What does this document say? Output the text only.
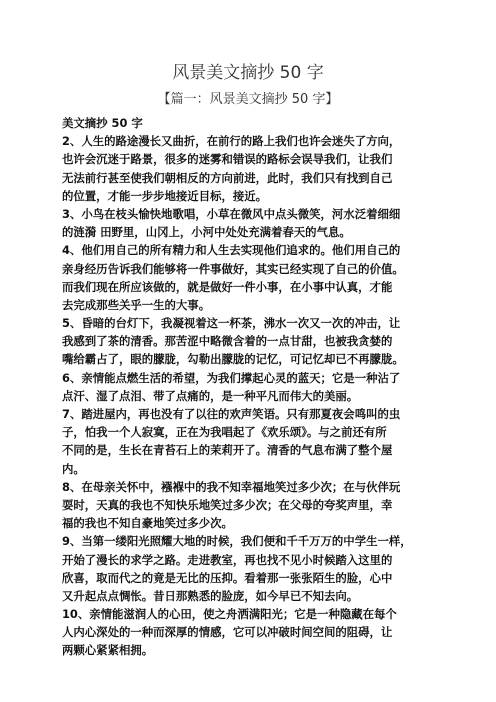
风景美文摘抄 50 字
【篇一：风景美文摘抄 50 字】
美文摘抄 50 字
2、人生的路途漫长又曲折，在前行的路上我们也许会迷失了方向，
也许会沉迷于路景，很多的迷雾和错误的路标会误导我们，让我们
无法前行甚至使我们朝相反的方向前进，此时，我们只有找到自己
的位置，才能一步步地接近目标，接近。
3、小鸟在枝头愉快地歌唱，小草在微风中点头微笑，河水泛着细细
的涟漪 田野里，山冈上，小河中处处充满着春天的气息。
4、他们用自己的所有精力和人生去实现他们追求的。他们用自己的
亲身经历告诉我们能够将一件事做好，其实已经实现了自己的价值。
而我们现在所应该做的，就是做好一件小事，在小事中认真，才能
去完成那些关乎一生的大事。
5、昏暗的台灯下，我凝视着这一杯茶，沸水一次又一次的冲击，让
我感到了茶的清香。那苦涩中略微含着的一点甘甜，也被我贪婪的
嘴给霸占了，眼的朦胧，勾勒出朦胧的记忆，可记忆却已不再朦胧。
6、亲情能点燃生活的希望，为我们撑起心灵的蓝天；它是一种沾了
点汗、湿了点泪、带了点痛的，是一种平凡而伟大的美丽。
7、踏进屋内，再也没有了以往的欢声笑语。只有那夏夜会鸣叫的虫
子，怕我一个人寂寞，正在为我唱起了《欢乐颂》。与之前还有所
不同的是，生长在青苔石上的茉莉开了。清香的气息布满了整个屋
内。
8、在母亲关怀中，襁褓中的我不知幸福地笑过多少次；在与伙伴玩
耍时，天真的我也不知快乐地笑过多少次；在父母的夸奖声里，幸
福的我也不知自豪地笑过多少次。
9、当第一缕阳光照耀大地的时候，我们便和千千万万的中学生一样，
开始了漫长的求学之路。走进教室，再也找不见小时候踏入这里的
欣喜，取而代之的竟是无比的压抑。看着那一张张陌生的脸，心中
又升起点点惆怅。昔日那熟悉的脸庞，如今早已不知去向。
10、亲情能滋润人的心田，使之舟洒满阳光；它是一种隐藏在每个
人内心深处的一种而深厚的情感，它可以冲破时间空间的阻碍，让
两颗心紧紧相拥。
